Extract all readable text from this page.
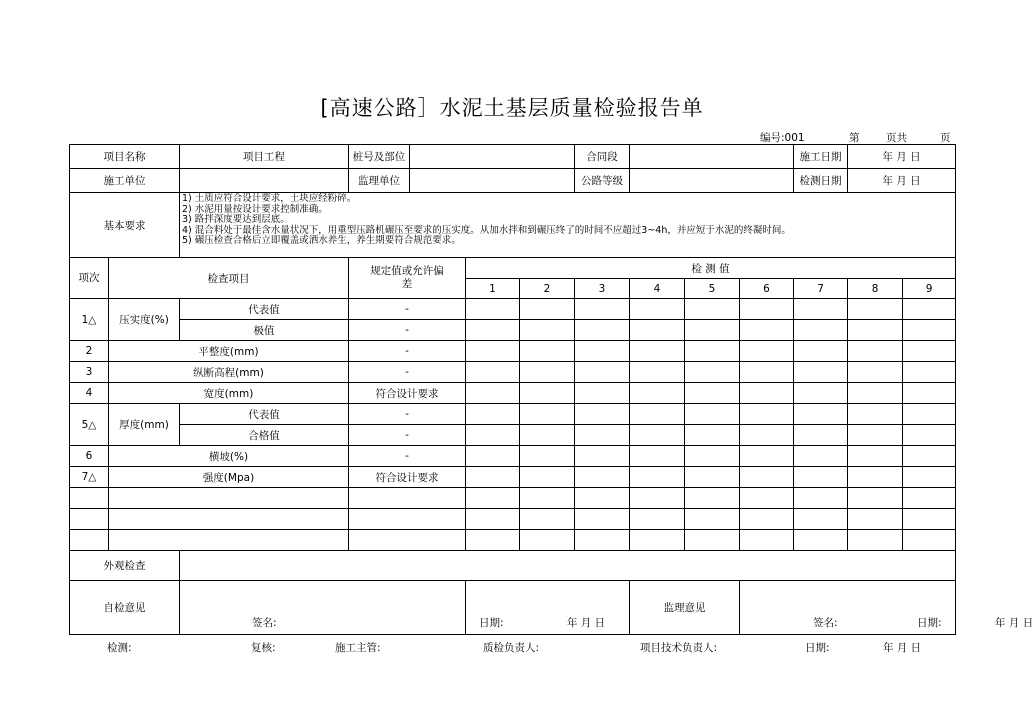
[高速公路］水泥土基层质量检验报告单
编号:001	第	页共	页
项目名称		项目工程	桩号及部位				合同段				施工日期	年 月 日		
施工单位			监理单位				公路等级				检测日期	年 月 日		
基本要求		1) 土质应符合设计要求，土块应经粉碎。
2) 水泥用量按设计要求控制准确。
3) 路拌深度要达到层底。
4) 混合料处于最佳含水量状况下，用重型压路机碾压至要求的压实度。从加水拌和到碾压终了的时间不应超过3~4h，并应短于水泥的终凝时间。
5) 碾压检查合格后立即覆盖或洒水养生，养生期要符合规范要求。												

项次	检查项目		规定值或允许偏差		检 测 值									
					1	2	3	4	5	6	7	8	9	
1△	压实度(%)	代表值	-											
		极值	-											
2	平整度(mm)		-											
3	纵断高程(mm)		-											
4	宽度(mm)		符合设计要求											
5△	厚度(mm)	代表值	-											
		合格值	-											
6	横坡(%)		-											
7△	强度(Mpa)		符合设计要求											

外观检查														
自检意见		签名:			日期: 年 月 日			监理意见		签名: 日期: 年 月 日				
检测:	复核:	施工主管:	质检负责人:	项目技术负责人:	日期:	年 月 日
